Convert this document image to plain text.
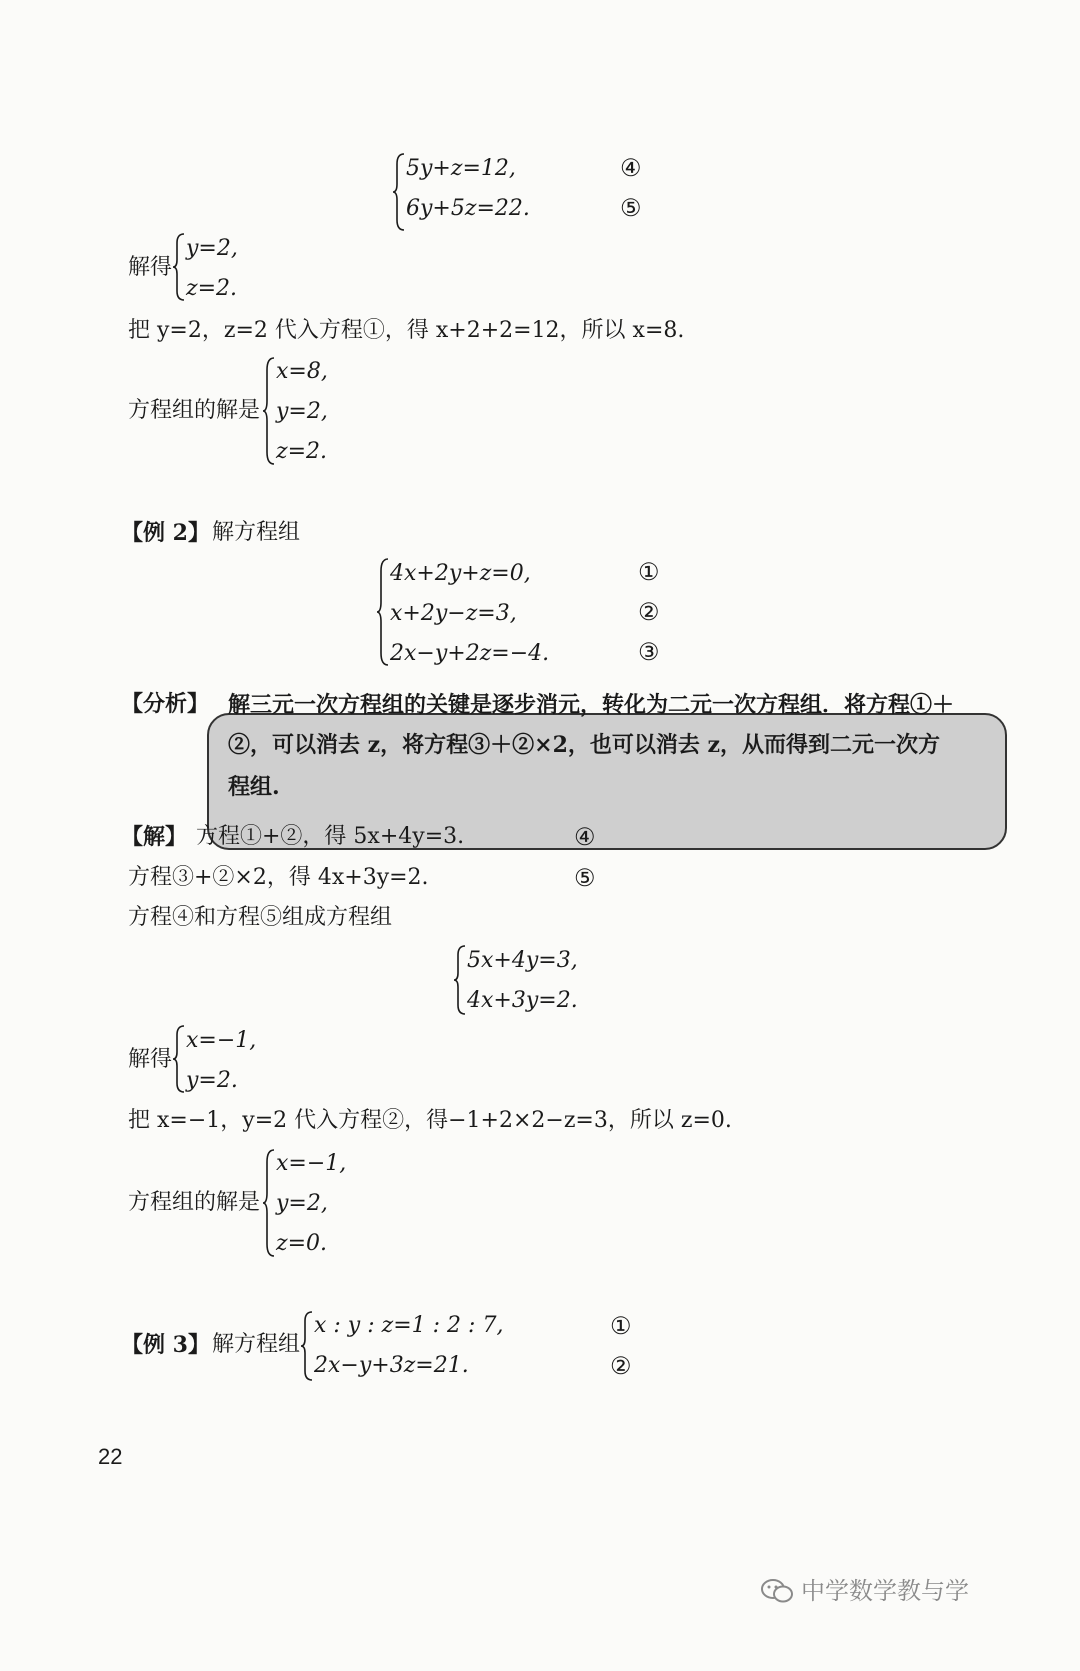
5y+z=12,
6y+5z=22.
④
⑤
解得
y=2,
z=2.
把 y=2，z=2 代入方程①，得 x+2+2=12，所以 x=8.
方程组的解是
x=8,
y=2,
z=2.
【例 2】 解方程组
4x+2y+z=0,
x+2y−z=3,
2x−y+2z=−4.
①
②
③
【分析】 解三元一次方程组的关键是逐步消元，转化为二元一次方程组．将方程①＋
②，可以消去 z，将方程③＋②×2，也可以消去 z，从而得到二元一次方
程组.
【解】 方程①+②，得 5x+4y=3.	④
方程③+②×2，得 4x+3y=2.	⑤
方程④和方程⑤组成方程组
5x+4y=3,
4x+3y=2.
解得
x=−1,
y=2.
把 x=−1，y=2 代入方程②，得−1+2×2−z=3，所以 z=0.
方程组的解是
x=−1,
y=2,
z=0.
【例 3】 解方程组
x : y : z=1 : 2 : 7,
2x−y+3z=21.
①
②
22
中学数学教与学
